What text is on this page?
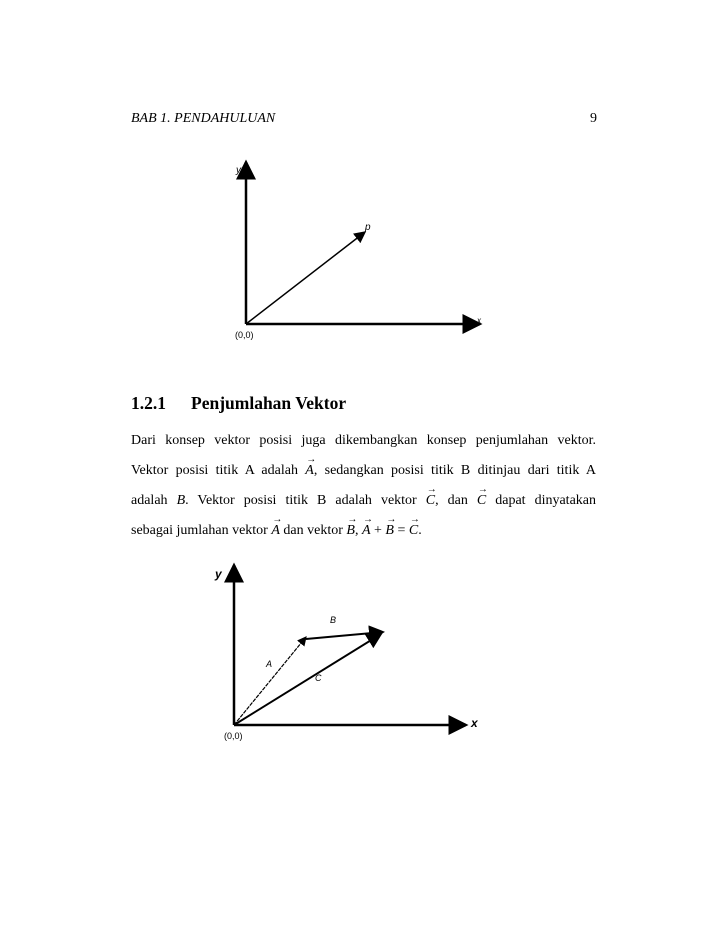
BAB 1. PENDAHULUAN	9
y
x
p
(0,0)
1.2.1 Penjumlahan Vektor
Dari konsep vektor posisi juga dikembangkan konsep penjumlahan vektor.
Vektor posisi titik A adalah → A, sedangkan posisi titik B ditinjau dari titik A
adalah B. Vektor posisi titik B adalah vektor → C, dan → C dapat dinyatakan
sebagai jumlahan vektor → A dan vektor → B, → A + → B = → C.
y
x
A
B
C
(0,0)
